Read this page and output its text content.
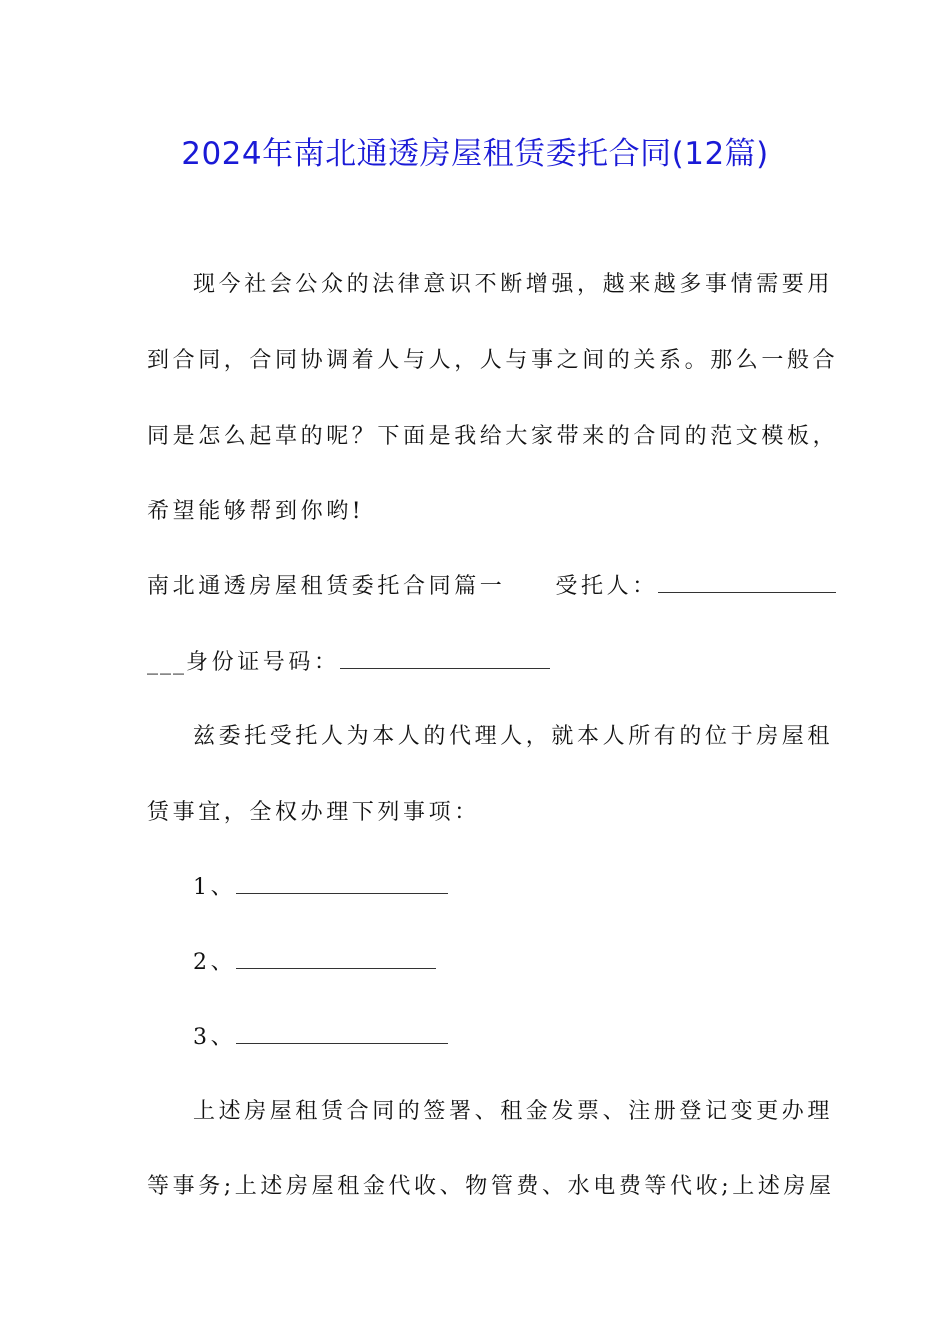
2024年南北通透房屋租赁委托合同(12篇)
现今社会公众的法律意识不断增强，越来越多事情需要用
到合同，合同协调着人与人，人与事之间的关系。那么一般合
同是怎么起草的呢？下面是我给大家带来的合同的范文模板，
希望能够帮到你哟!
南北通透房屋租赁委托合同篇一 受托人：
___身份证号码：
兹委托受托人为本人的代理人，就本人所有的位于房屋租
赁事宜，全权办理下列事项：
1、
2、
3、
上述房屋租赁合同的签署、租金发票、注册登记变更办理
等事务;上述房屋租金代收、物管费、水电费等代收;上述房屋
